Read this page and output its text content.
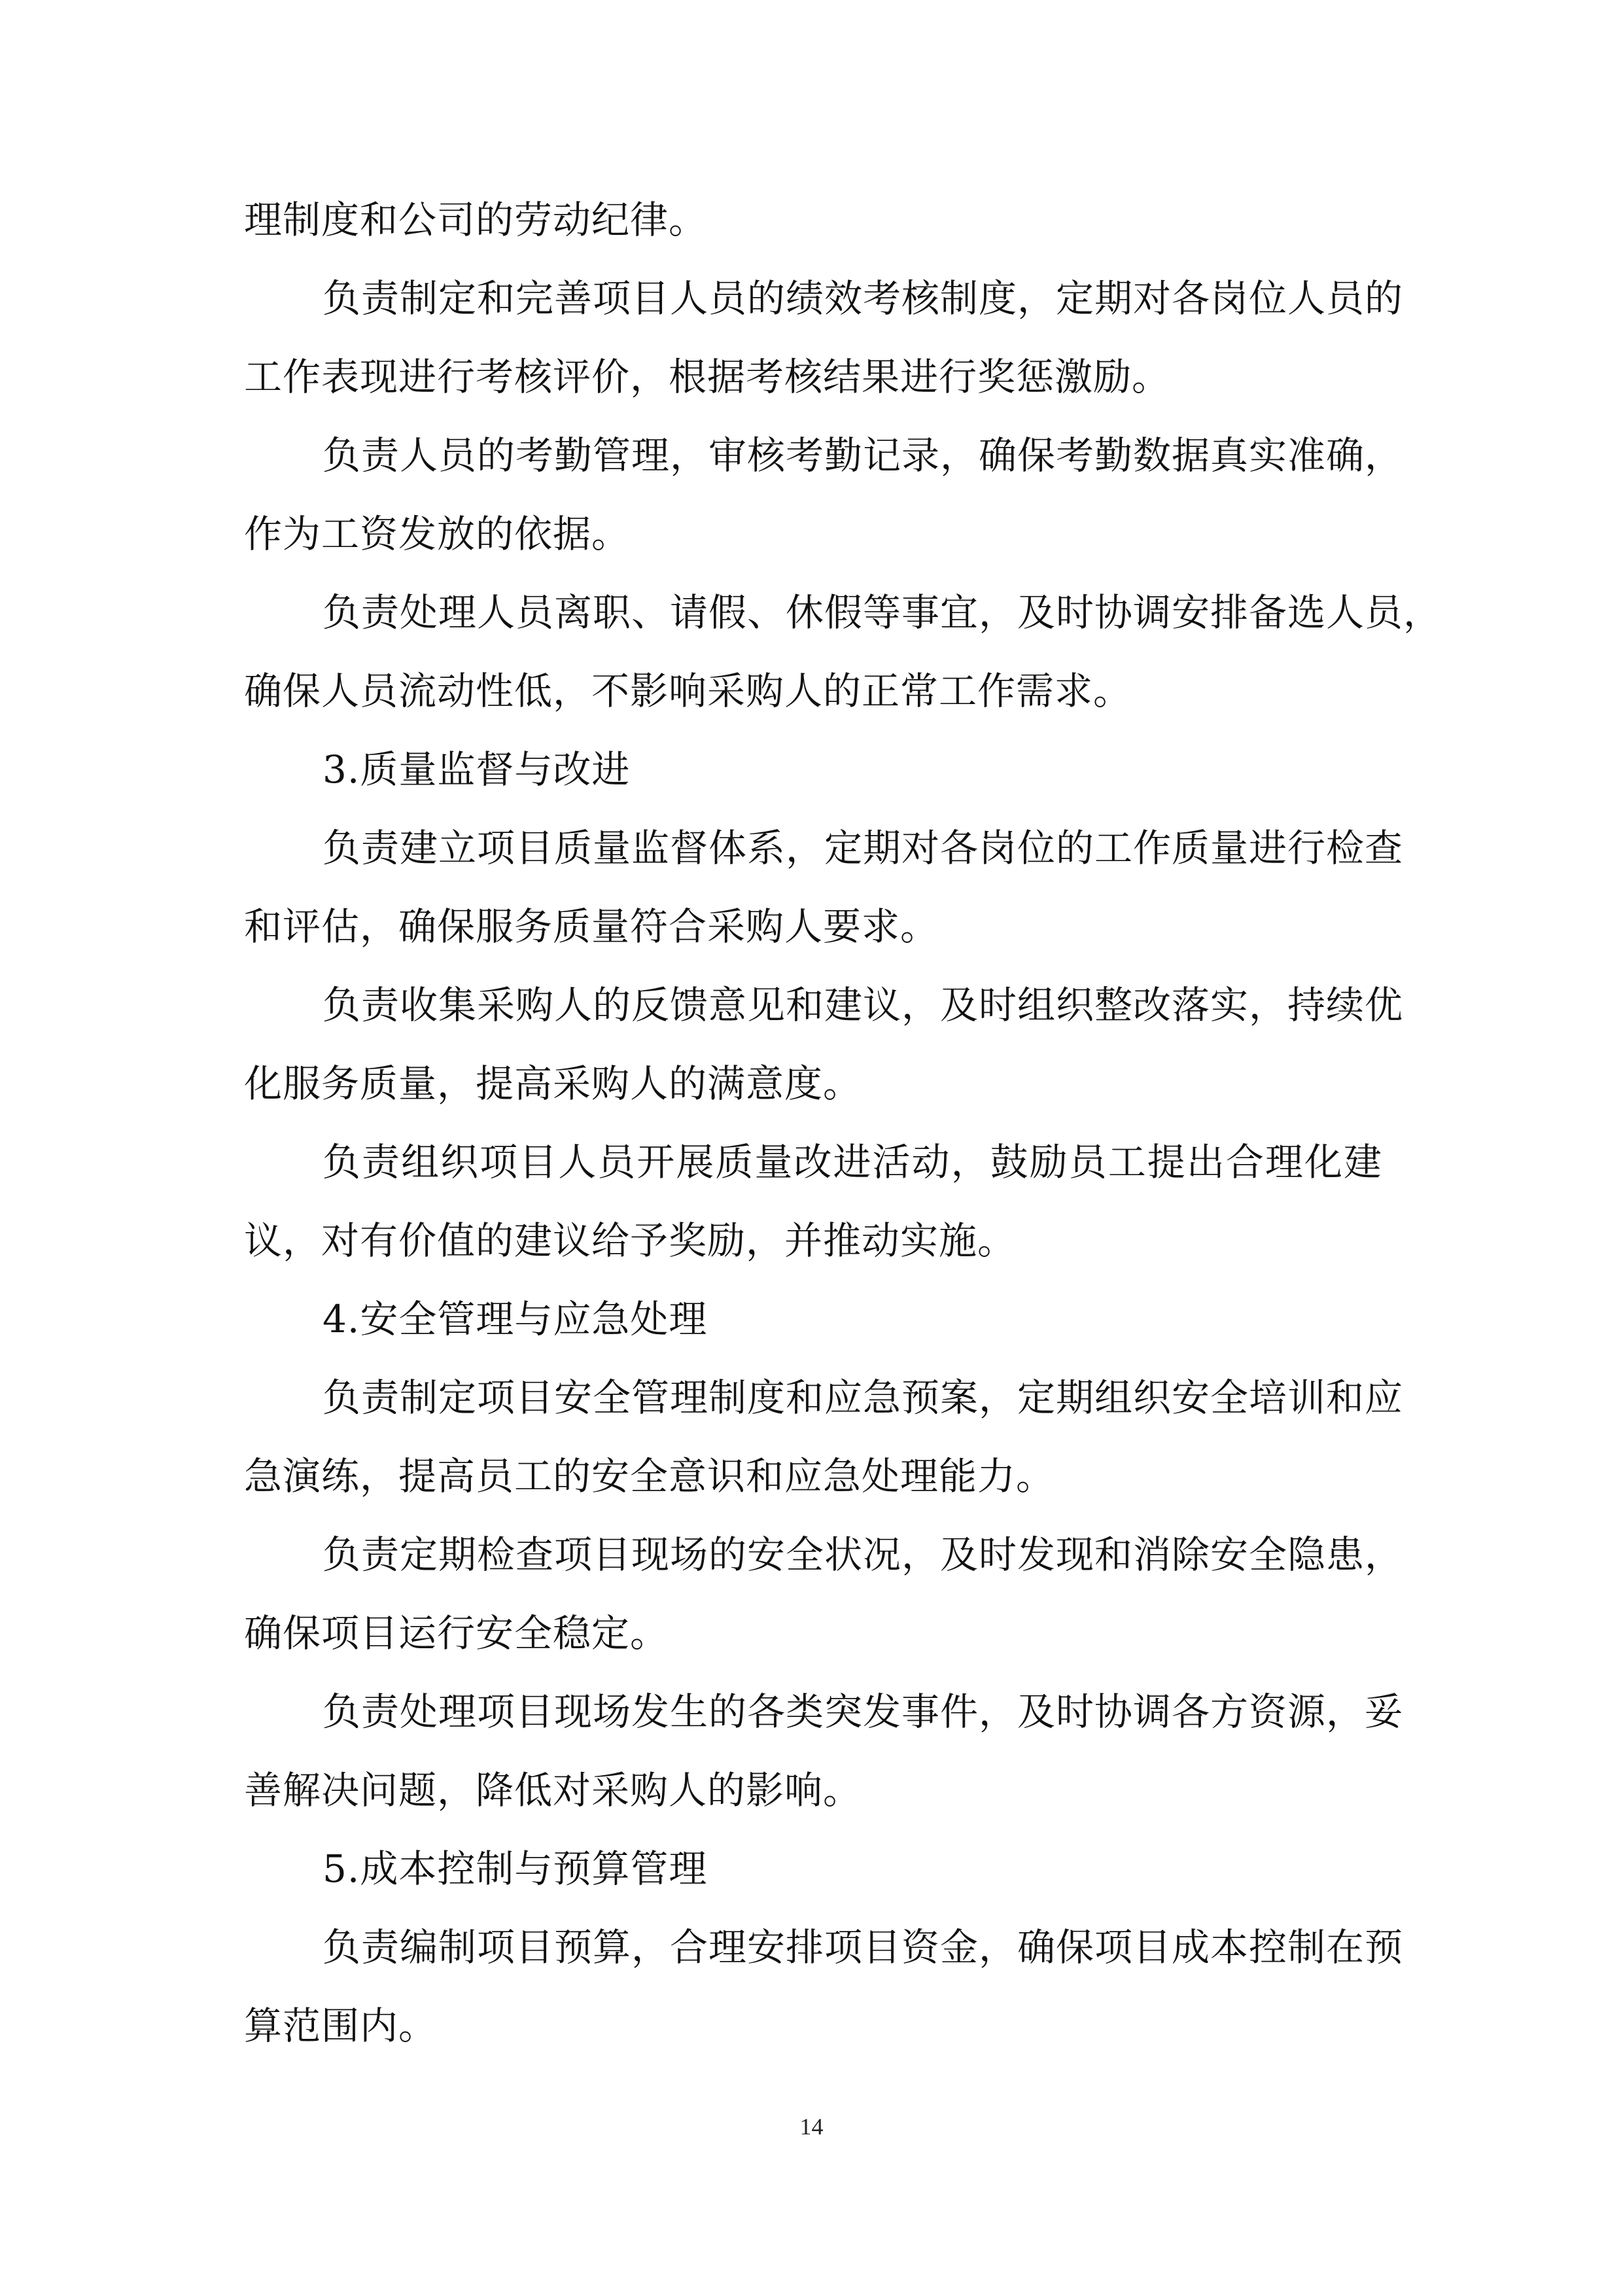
理制度和公司的劳动纪律。
负责制定和完善项目人员的绩效考核制度，定期对各岗位人员的
工作表现进行考核评价，根据考核结果进行奖惩激励。
负责人员的考勤管理，审核考勤记录，确保考勤数据真实准确，
作为工资发放的依据。
负责处理人员离职、请假、休假等事宜，及时协调安排备选人员，
确保人员流动性低，不影响采购人的正常工作需求。
3.质量监督与改进
负责建立项目质量监督体系，定期对各岗位的工作质量进行检查
和评估，确保服务质量符合采购人要求。
负责收集采购人的反馈意见和建议，及时组织整改落实，持续优
化服务质量，提高采购人的满意度。
负责组织项目人员开展质量改进活动，鼓励员工提出合理化建
议，对有价值的建议给予奖励，并推动实施。
4.安全管理与应急处理
负责制定项目安全管理制度和应急预案，定期组织安全培训和应
急演练，提高员工的安全意识和应急处理能力。
负责定期检查项目现场的安全状况，及时发现和消除安全隐患，
确保项目运行安全稳定。
负责处理项目现场发生的各类突发事件，及时协调各方资源，妥
善解决问题，降低对采购人的影响。
5.成本控制与预算管理
负责编制项目预算，合理安排项目资金，确保项目成本控制在预
算范围内。
14
